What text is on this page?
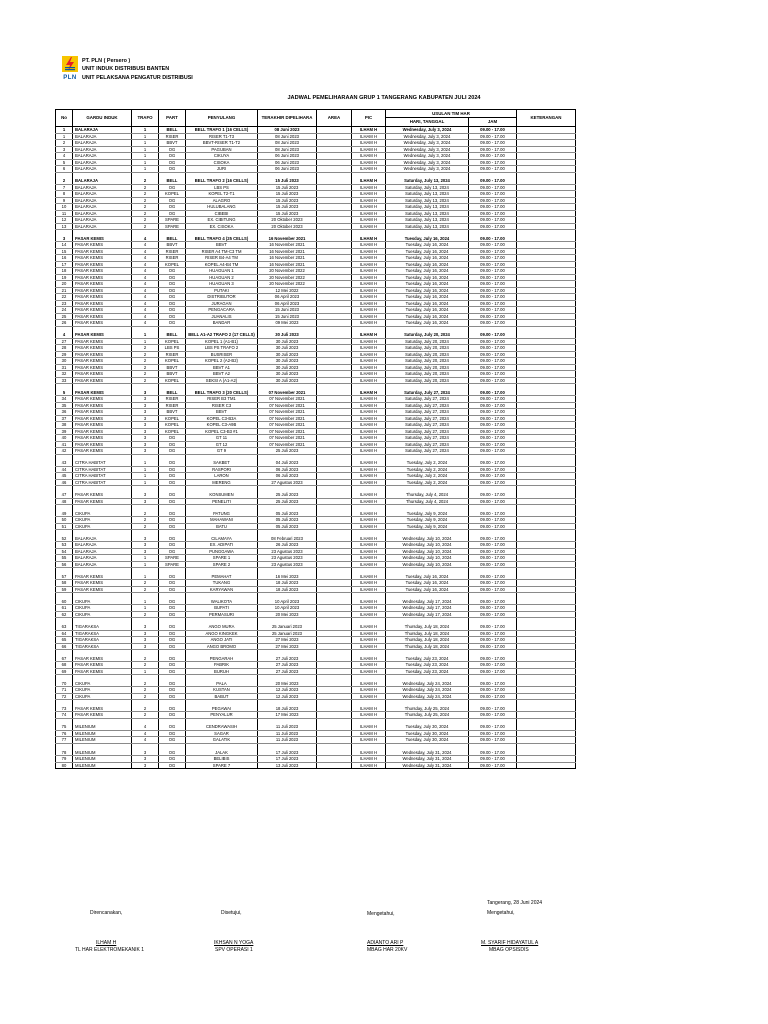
PLN
PT. PLN ( Persero )
UNIT INDUK DISTRIBUSI BANTEN
UNIT PELAKSANA PENGATUR DISTRIBUSI
JADWAL PEMELIHARAAN GRUP 1 TANGERANG KABUPATEN JULI 2024
No	GARDU INDUK	TRAFO	PART	PENYULANG	TERAKHIR DIPELIHARA	AREA	PIC	USULAN TIM HAR		KETERANGAN
								HARI, TANGGAL	JAM	

1	BALARAJA	1	BELL	BELL TRAFO 1 (16 CELLS)	08 Juni 2023		ILHAM H	Wednesday, July 3, 2024	09.00 - 17.00	
1	BALARAJA	1	RISER	RISER T1-T3	08 Juni 2023		ILHAM H	Wednesday, July 3, 2024	09.00 - 17.00	
2	BALARAJA	1	BBVT	BBVT-RISER T1-T2	08 Juni 2023		ILHAM H	Wednesday, July 3, 2024	09.00 - 17.00	
3	BALARAJA	1	OG	PAGUBAN	08 Juni 2023		ILHAM H	Wednesday, July 3, 2024	09.00 - 17.00	
4	BALARAJA	1	OG	CIKUYA	06 Juni 2023		ILHAM H	Wednesday, July 3, 2024	09.00 - 17.00	
5	BALARAJA	1	OG	CISOKA	06 Juni 2023		ILHAM H	Wednesday, July 3, 2024	09.00 - 17.00	
6	BALARAJA	1	OG	JURI	06 Juni 2023		ILHAM H	Wednesday, July 3, 2024	09.00 - 17.00	

2	BALARAJA	2	BELL	BELL TRAFO 2 (16 CELLS)	15 Juli 2023		ILHAM H	Saturday, July 13, 2024	09.00 - 17.00	
7	BALARAJA	2	OG	LBS PS	15 Juli 2023		ILHAM H	Saturday, July 13, 2024	09.00 - 17.00	
8	BALARAJA	2	KOPEL	KOPEL T2-T1	15 Juli 2023		ILHAM H	Saturday, July 13, 2024	09.00 - 17.00	
9	BALARAJA	2	OG	ALAGRO	15 Juli 2023		ILHAM H	Saturday, July 13, 2024	09.00 - 17.00	
10	BALARAJA	2	OG	HULUBALANG	15 Juli 2023		ILHAM H	Saturday, July 13, 2024	09.00 - 17.00	
11	BALARAJA	2	OG	CIBEBI	15 Juli 2023		ILHAM H	Saturday, July 13, 2024	09.00 - 17.00	
12	BALARAJA	2	SPARE	EX. CIBITUNG	20 Oktober 2023		ILHAM H	Saturday, July 13, 2024	09.00 - 17.00	
13	BALARAJA	2	SPARE	EX. CISOKA	20 Oktober 2023		ILHAM H	Saturday, July 13, 2024	09.00 - 17.00	

3	PASAR KEMIS	4	BELL	BELL TRAFO 4 (25 CELLS)	16 November 2021		ILHAM H	Tuesday, July 16, 2024	09.00 - 17.00	
14	PASAR KEMIS	4	BBVT	BBVT	16 November 2021		ILHAM H	Tuesday, July 16, 2024	09.00 - 17.00	
15	PASAR KEMIS	4	RISER	RISER A4 TM-C3 TM	16 November 2021		ILHAM H	Tuesday, July 16, 2024	09.00 - 17.00	
16	PASAR KEMIS	4	RISER	RISER B4-A4 TM	16 November 2021		ILHAM H	Tuesday, July 16, 2024	09.00 - 17.00	
17	PASAR KEMIS	4	KOPEL	KOPEL A4-B4 TM	16 November 2021		ILHAM H	Tuesday, July 16, 2024	09.00 - 17.00	
18	PASAR KEMIS	4	OG	HUAGUAN 1	20 November 2022		ILHAM H	Tuesday, July 16, 2024	09.00 - 17.00	
19	PASAR KEMIS	4	OG	HUAGUAN 2	20 November 2022		ILHAM H	Tuesday, July 16, 2024	09.00 - 17.00	
20	PASAR KEMIS	4	OG	HUAGUAN 3	20 November 2022		ILHAM H	Tuesday, July 16, 2024	09.00 - 17.00	
21	PASAR KEMIS	4	OG	PUTAKI	12 Mei 2022		ILHAM H	Tuesday, July 16, 2024	09.00 - 17.00	
22	PASAR KEMIS	4	OG	DISTRIBUTOR	06 April 2023		ILHAM H	Tuesday, July 16, 2024	09.00 - 17.00	
23	PASAR KEMIS	4	OG	JURAGAN	06 April 2023		ILHAM H	Tuesday, July 16, 2024	09.00 - 17.00	
24	PASAR KEMIS	4	OG	PENGACARA	15 Juni 2023		ILHAM H	Tuesday, July 16, 2024	09.00 - 17.00	
25	PASAR KEMIS	4	OG	JUANALIS	15 Juni 2023		ILHAM H	Tuesday, July 16, 2024	09.00 - 17.00	
26	PASAR KEMIS	4	OG	BANDAR	09 Mei 2023		ILHAM H	Tuesday, July 16, 2024	09.00 - 17.00	

4	PASAR KEMIS	1	BELL	BELL A1-A2 TRAFO 2 (17 CELLS)	30 Juli 2023		ILHAM H	Saturday, July 20, 2024	09.00 - 17.00	
27	PASAR KEMIS	1	KOPEL	KOPEL 1 (A1-B1)	30 Juli 2023		ILHAM H	Saturday, July 20, 2024	09.00 - 17.00	
28	PASAR KEMIS	2	LBS PS	LBS PS TRAFO 2	30 Juli 2023		ILHAM H	Saturday, July 20, 2024	09.00 - 17.00	
29	PASAR KEMIS	2	RISER	BUSRISER	30 Juli 2023		ILHAM H	Saturday, July 20, 2024	09.00 - 17.00	
30	PASAR KEMIS	2	KOPEL	KOPEL 2 (A2-B2)	30 Juli 2023		ILHAM H	Saturday, July 20, 2024	09.00 - 17.00	
31	PASAR KEMIS	2	BBVT	BBVT A1	30 Juli 2023		ILHAM H	Saturday, July 20, 2024	09.00 - 17.00	
32	PASAR KEMIS	2	BBVT	BBVT A2	30 Juli 2023		ILHAM H	Saturday, July 20, 2024	09.00 - 17.00	
33	PASAR KEMIS	2	KOPEL	SEKSI A (A1-A2)	30 Juli 2023		ILHAM H	Saturday, July 20, 2024	09.00 - 17.00	

5	PASAR KEMIS	3	BELL	BELL TRAFO 3 (20 CELLS)	07 November 2021		ILHAM H	Saturday, July 27, 2024	09.00 - 17.00	
34	PASAR KEMIS	3	RISER	RISER B3 TM1	07 November 2021		ILHAM H	Saturday, July 27, 2024	09.00 - 17.00	
35	PASAR KEMIS	3	RISER	RISER C3	07 November 2021		ILHAM H	Saturday, July 27, 2024	09.00 - 17.00	
36	PASAR KEMIS	3	BBVT	BBVT	07 November 2021		ILHAM H	Saturday, July 27, 2024	09.00 - 17.00	
37	PASAR KEMIS	3	KOPEL	KOPEL C3-B3A	07 November 2021		ILHAM H	Saturday, July 27, 2024	09.00 - 17.00	
38	PASAR KEMIS	3	KOPEL	KOPEL C3-A9B	07 November 2021		ILHAM H	Saturday, July 27, 2024	09.00 - 17.00	
39	PASAR KEMIS	3	KOPEL	KOPEL C3-B3 #1	07 November 2021		ILHAM H	Saturday, July 27, 2024	09.00 - 17.00	
40	PASAR KEMIS	3	OG	GT 11	07 November 2021		ILHAM H	Saturday, July 27, 2024	09.00 - 17.00	
41	PASAR KEMIS	3	OG	GT 12	07 November 2021		ILHAM H	Saturday, July 27, 2024	09.00 - 17.00	
42	PASAR KEMIS	3	OG	GT 9	25 Juli 2023		ILHAM H	Saturday, July 27, 2024	09.00 - 17.00	

43	CITRA HABITAT	1	OG	SAKBET	04 Juli 2023		ILHAM H	Tuesday, July 2, 2024	09.00 - 17.00	
44	CITRA HABITAT	1	OG	RASPORI	06 Juli 2023		ILHAM H	Tuesday, July 2, 2024	09.00 - 17.00	
45	CITRA HABITAT	1	OG	LARON	06 Juli 2023		ILHAM H	Tuesday, July 2, 2024	09.00 - 17.00	
46	CITRA HABITAT	1	OG	MERENG	27 Agustus 2023		ILHAM H	Tuesday, July 2, 2024	09.00 - 17.00	

47	PASAR KEMIS	3	OG	KONSUMEN	25 Juli 2023		ILHAM H	Thursday, July 4, 2024	09.00 - 17.00	
48	PASAR KEMIS	3	OG	PENELITI	25 Juli 2023		ILHAM H	Thursday, July 4, 2024	09.00 - 17.00	

49	CIKUPA	2	OG	PATUNG	05 Juli 2023		ILHAM H	Tuesday, July 9, 2024	09.00 - 17.00	
50	CIKUPA	2	OG	MAHAWANI	05 Juli 2023		ILHAM H	Tuesday, July 9, 2024	09.00 - 17.00	
51	CIKUPA	2	OG	BATU	05 Juli 2023		ILHAM H	Tuesday, July 9, 2024	09.00 - 17.00	

52	BALARAJA	3	OG	CILAMAYA	08 Februari 2023		ILHAM H	Wednesday, July 10, 2024	09.00 - 17.00	
53	BALARAJA	3	OG	EX. ADIPATI	26 Juli 2023		ILHAM H	Wednesday, July 10, 2024	09.00 - 17.00	
54	BALARAJA	3	OG	PUNGGAWA	23 Agustus 2023		ILHAM H	Wednesday, July 10, 2024	09.00 - 17.00	
55	BALARAJA	1	SPARE	SPARE 1	23 Agustus 2023		ILHAM H	Wednesday, July 10, 2024	09.00 - 17.00	
56	BALARAJA	1	SPARE	SPARE 2	23 Agustus 2023		ILHAM H	Wednesday, July 10, 2024	09.00 - 17.00	

57	PASAR KEMIS	1	OG	PEMAHAT	16 Mei 2023		ILHAM H	Tuesday, July 16, 2024	09.00 - 17.00	
58	PASAR KEMIS	2	OG	TUKANG	18 Juli 2023		ILHAM H	Tuesday, July 16, 2024	09.00 - 17.00	
59	PASAR KEMIS	2	OG	KARYAWAN	18 Juli 2023		ILHAM H	Tuesday, July 16, 2024	09.00 - 17.00	

60	CIKUPA	1	OG	WALIKOTA	10 April 2023		ILHAM H	Wednesday, July 17, 2024	09.00 - 17.00	
61	CIKUPA	1	OG	BUPATI	10 April 2023		ILHAM H	Wednesday, July 17, 2024	09.00 - 17.00	
62	CIKUPA	2	OG	PERMASURI	20 Mei 2023		ILHAM H	Wednesday, July 17, 2024	09.00 - 17.00	

63	TIGARAKSA	3	OG	ANGO MURA	25 Januari 2023		ILHAM H	Thursday, July 18, 2024	09.00 - 17.00	
64	TIGARAKSA	3	OG	ANGO KINGKEK	25 Januari 2023		ILHAM H	Thursday, July 18, 2024	09.00 - 17.00	
65	TIGARAKSA	3	OG	ANGO JATI	27 Mei 2023		ILHAM H	Thursday, July 18, 2024	09.00 - 17.00	
66	TIGARAKSA	3	OG	ANGO BROMO	27 Mei 2023		ILHAM H	Thursday, July 18, 2024	09.00 - 17.00	

67	PASAR KEMIS	2	OG	PENGARAH	27 Juli 2023		ILHAM H	Tuesday, July 23, 2024	09.00 - 17.00	
68	PASAR KEMIS	2	OG	PABRIK	27 Juli 2023		ILHAM H	Tuesday, July 23, 2024	09.00 - 17.00	
69	PASAR KEMIS	1	OG	BURUH	27 Juli 2023		ILHAM H	Tuesday, July 23, 2024	09.00 - 17.00	

70	CIKUPA	2	OG	PALA	20 Mei 2023		ILHAM H	Wednesday, July 24, 2024	09.00 - 17.00	
71	CIKUPA	2	OG	KUSTAN	12 Juli 2023		ILHAM H	Wednesday, July 24, 2024	09.00 - 17.00	
72	CIKUPA	2	OG	BABUT	12 Juli 2023		ILHAM H	Wednesday, July 24, 2024	09.00 - 17.00	

73	PASAR KEMIS	2	OG	PEGAWAI	18 Juli 2023		ILHAM H	Thursday, July 25, 2024	09.00 - 17.00	
74	PASAR KEMIS	2	OG	PENYALUR	17 Mei 2023		ILHAM H	Thursday, July 25, 2024	09.00 - 17.00	

75	MILENIUM	4	OG	CENDRAWASIH	11 Juli 2023		ILHAM H	Tuesday, July 30, 2024	09.00 - 17.00	
76	MILENIUM	4	OG	SAGAR	11 Juli 2023		ILHAM H	Tuesday, July 30, 2024	09.00 - 17.00	
77	MILENIUM	4	OG	GALATIK	11 Juli 2023		ILHAM H	Tuesday, July 30, 2024	09.00 - 17.00	

78	MILENIUM	3	OG	JALAK	17 Juli 2023		ILHAM H	Wednesday, July 31, 2024	09.00 - 17.00	
79	MILENIUM	3	OG	BELIBIS	17 Juli 2023		ILHAM H	Wednesday, July 31, 2024	09.00 - 17.00	
80	MILENIUM	3	OG	SPARE 7	13 Juli 2023		ILHAM H	Wednesday, July 31, 2024	09.00 - 17.00	
Tangerang, 28 Juni 2024
Direncanakan,	Disetujui,	Mengetahui,	Mengetahui,
ILHAM H	IKHSAN N YOGA	ADIANTO ARI P	M. SYARIF HIDAYATUL A
TL HAR ELEKTROMEKANIK 1	SPV OPERASI 1	MBAG HAR 20KV	MBAG OPSISDIS
